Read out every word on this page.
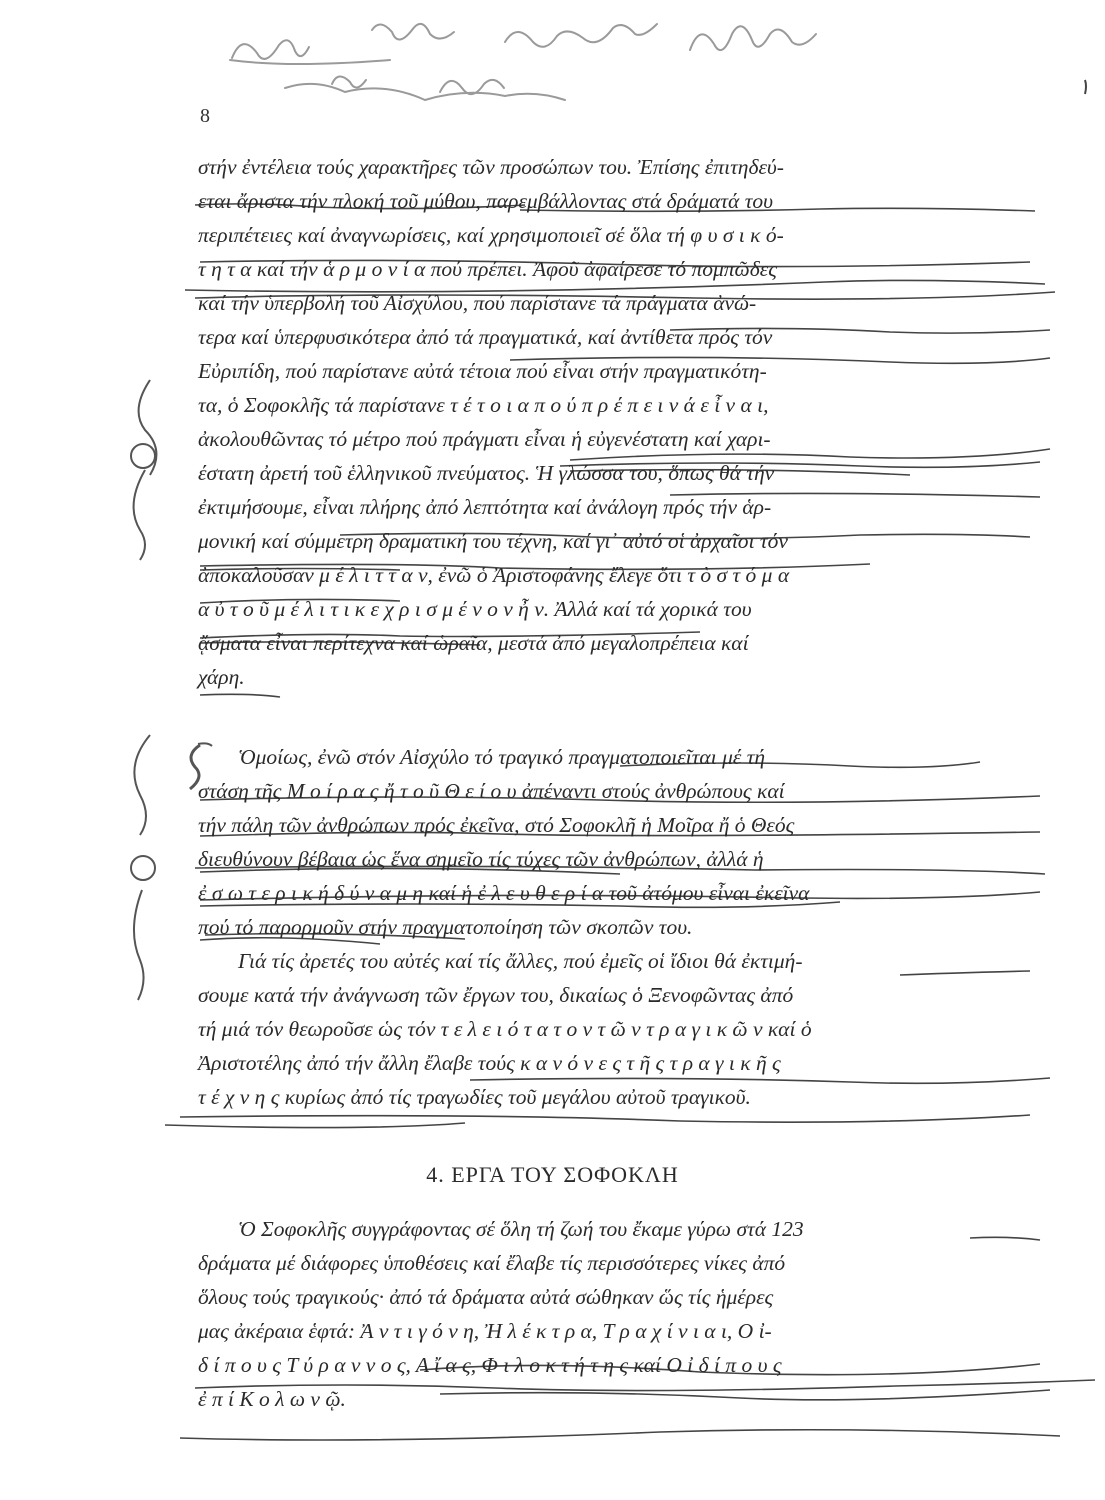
8
στήν ἐντέλεια τούς χαρακτῆρες τῶν προσώπων του. Ἐπίσης ἐπιτηδεύ-
εται ἄριστα τήν πλοκή τοῦ μύθου, παρεμβάλλοντας στά δράματά του
περιπέτειες καί ἀναγνωρίσεις, καί χρησιμοποιεῖ σέ ὅλα τή φ υ σ ι κ ό-
τ η τ α καί τήν ἁ ρ μ ο ν ί α πού πρέπει. Ἀφοῦ ἀφαίρεσε τό πομπῶδες
καί τήν ὑπερβολή τοῦ Αἰσχύλου, πού παρίστανε τά πράγματα ἀνώ-
τερα καί ὑπερφυσικότερα ἀπό τά πραγματικά, καί ἀντίθετα πρός τόν
Εὐριπίδη, πού παρίστανε αὐτά τέτοια πού εἶναι στήν πραγματικότη-
τα, ὁ Σοφοκλῆς τά παρίστανε τ έ τ ο ι α π ο ύ π ρ έ π ε ι ν ά ε ἶ ν α ι,
ἀκολουθῶντας τό μέτρο πού πράγματι εἶναι ἡ εὐγενέστατη καί χαρι-
έστατη ἀρετή τοῦ ἑλληνικοῦ πνεύματος. Ἡ γλώσσα του, ὅπως θά τήν
ἐκτιμήσουμε, εἶναι πλήρης ἀπό λεπτότητα καί ἀνάλογη πρός τήν ἁρ-
μονική καί σύμμετρη δραματική του τέχνη, καί γι᾿ αὐτό οἱ ἀρχαῖοι τόν
ἀποκαλοῦσαν μ έ λ ι τ τ α ν, ἐνῶ ὁ Ἀριστοφάνης ἔλεγε ὅτι τ ὸ σ τ ό μ α
α ὐ τ ο ῦ μ έ λ ι τ ι κ ε χ ρ ι σ μ έ ν ο ν ἦ ν. Ἀλλά καί τά χορικά του
ᾄσματα εἶναι περίτεχνα καί ὡραῖα, μεστά ἀπό μεγαλοπρέπεια καί
χάρη.
Ὁμοίως, ἐνῶ στόν Αἰσχύλο τό τραγικό πραγματοποιεῖται μέ τή
στάση τῆς Μ ο ί ρ α ς ἤ τ ο ῦ Θ ε ί ο υ ἀπέναντι στούς ἀνθρώπους καί
τήν πάλη τῶν ἀνθρώπων πρός ἐκεῖνα, στό Σοφοκλῆ ἡ Μοῖρα ἤ ὁ Θεός
διευθύνουν βέβαια ὡς ἕνα σημεῖο τίς τύχες τῶν ἀνθρώπων, ἀλλά ἡ
ἐ σ ω τ ε ρ ι κ ή δ ύ ν α μ η καί ἡ ἐ λ ε υ θ ε ρ ί α τοῦ ἀτόμου εἶναι ἐκεῖνα
πού τό παρορμοῦν στήν πραγματοποίηση τῶν σκοπῶν του.
Γιά τίς ἀρετές του αὐτές καί τίς ἄλλες, πού ἐμεῖς οἱ ἴδιοι θά ἐκτιμή-
σουμε κατά τήν ἀνάγνωση τῶν ἔργων του, δικαίως ὁ Ξενοφῶντας ἀπό
τή μιά τόν θεωροῦσε ὡς τόν τ ε λ ε ι ό τ α τ ο ν τ ῶ ν τ ρ α γ ι κ ῶ ν καί ὁ
Ἀριστοτέλης ἀπό τήν ἄλλη ἔλαβε τούς κ α ν ό ν ε ς τ ῆ ς τ ρ α γ ι κ ῆ ς
τ έ χ ν η ς κυρίως ἀπό τίς τραγωδίες τοῦ μεγάλου αὐτοῦ τραγικοῦ.
4. ΕΡΓΑ ΤΟΥ ΣΟΦΟΚΛΗ
Ὁ Σοφοκλῆς συγγράφοντας σέ ὅλη τή ζωή του ἔκαμε γύρω στά 123
δράματα μέ διάφορες ὑποθέσεις καί ἔλαβε τίς περισσότερες νίκες ἀπό
ὅλους τούς τραγικούς· ἀπό τά δράματα αὐτά σώθηκαν ὥς τίς ἡμέρες
μας ἀκέραια ἑφτά: Ἀ ν τ ι γ ό ν η, Ἠ λ έ κ τ ρ α, Τ ρ α χ ί ν ι α ι, Ο ἰ-
δ ί π ο υ ς Τ ύ ρ α ν ν ο ς, Α ἴ α ς, Φ ι λ ο κ τ ή τ η ς καί Ο ἰ δ ί π ο υ ς
ἐ π ί Κ ο λ ω ν ῷ.
